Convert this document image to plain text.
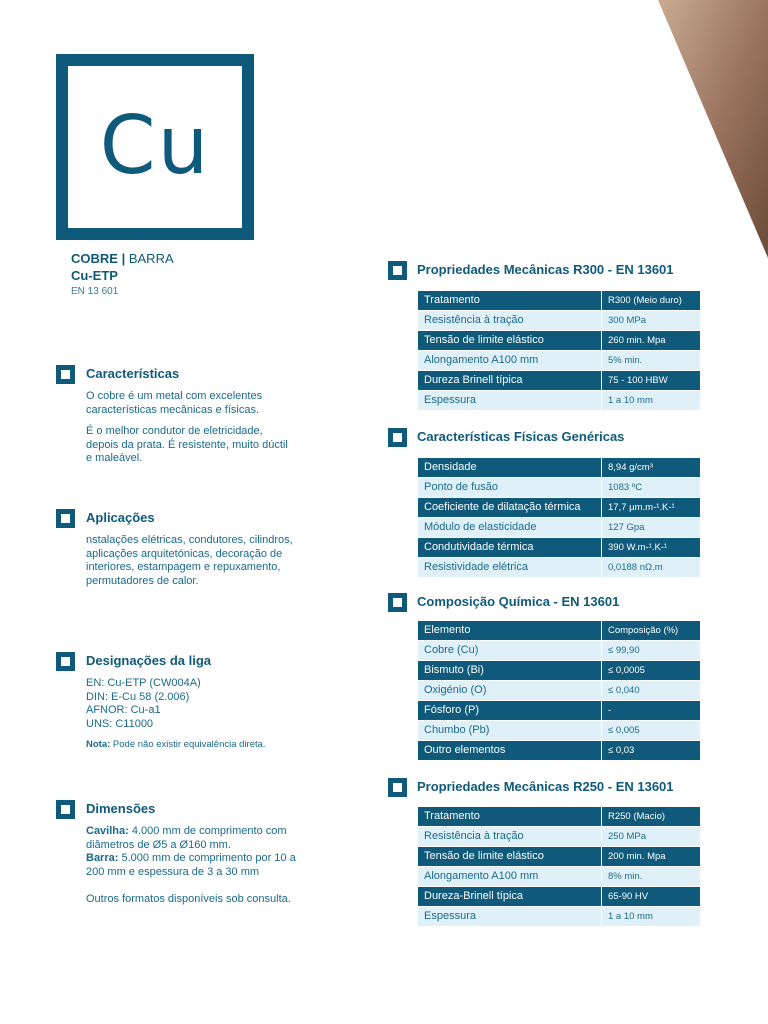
Cu
COBRE | BARRA
Cu-ETP
EN 13 601
Características

O cobre é um metal com excelentes características mecânicas e físicas.

É o melhor condutor de eletricidade, depois da prata. É resistente, muito dúctil e maleável.

Aplicações

nstalações elétricas, condutores, cilindros, aplicações arquitetónicas, decoração de interiores, estampagem e repuxamento, permutadores de calor.

Designações da liga
EN: Cu-ETP (CW004A)
DIN: E-Cu 58 (2.006)
AFNOR: Cu-a1
UNS: C11000
Nota: Pode não existir equivalência direta.
Dimensões
Cavilha: 4.000 mm de comprimento com diâmetros de Ø5 a Ø160 mm.
Barra: 5.000 mm de comprimento por 10 a 200 mm e espessura de 3 a 30 mm
Outros formatos disponíveis sob consulta.
Propriedades Mecânicas R300 - EN 13601
Tratamento	R300 (Meio duro)
Resistência à tração	300 MPa
Tensão de limite elástico	260 min. Mpa
Alongamento A100 mm	5% min.
Dureza Brinell típica	75 - 100 HBW
Espessura	1 a 10 mm
Características Físicas Genéricas
Densidade	8,94 g/cm³
Ponto de fusão	1083 ºC
Coeficiente de dilatação térmica	17,7 µm.m-¹.K-¹
Módulo de elasticidade	127 Gpa
Condutividade térmica	390 W.m-¹.K-¹
Resistividade elétrica	0,0188 nΩ.m
Composição Química - EN 13601
Elemento	Composição (%)
Cobre (Cu)	≤ 99,90
Bismuto (Bi)	≤ 0,0005
Oxigénio (O)	≤ 0,040
Fósforo (P)	-
Chumbo (Pb)	≤ 0,005
Outro elementos	≤ 0,03
Propriedades Mecânicas R250 - EN 13601
Tratamento	R250 (Macio)
Resistência à tração	250 MPa
Tensão de limite elástico	200 min. Mpa
Alongamento A100 mm	8% min.
Dureza-Brinell típica	65-90 HV
Espessura	1 a 10 mm
